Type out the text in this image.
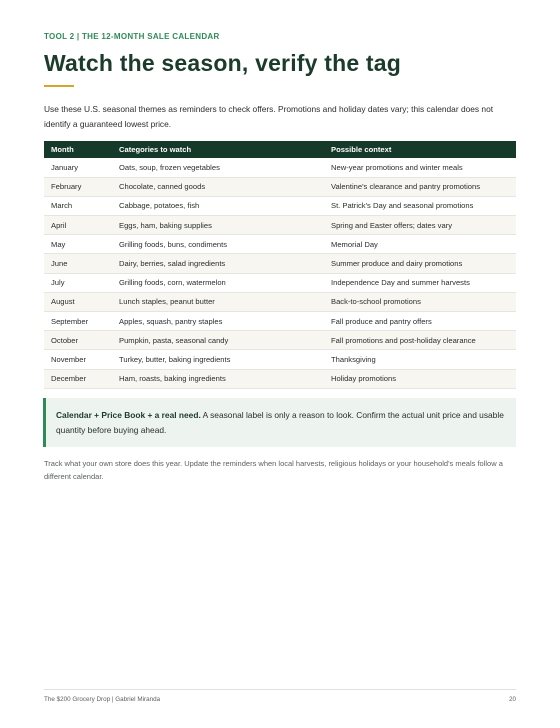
TOOL 2 | THE 12-MONTH SALE CALENDAR
Watch the season, verify the tag

Use these U.S. seasonal themes as reminders to check offers. Promotions and holiday dates vary; this calendar does not identify a guaranteed lowest price.

Month	Categories to watch	Possible context
January	Oats, soup, frozen vegetables	New-year promotions and winter meals
February	Chocolate, canned goods	Valentine's clearance and pantry promotions
March	Cabbage, potatoes, fish	St. Patrick's Day and seasonal promotions
April	Eggs, ham, baking supplies	Spring and Easter offers; dates vary
May	Grilling foods, buns, condiments	Memorial Day
June	Dairy, berries, salad ingredients	Summer produce and dairy promotions
July	Grilling foods, corn, watermelon	Independence Day and summer harvests
August	Lunch staples, peanut butter	Back-to-school promotions
September	Apples, squash, pantry staples	Fall produce and pantry offers
October	Pumpkin, pasta, seasonal candy	Fall promotions and post-holiday clearance
November	Turkey, butter, baking ingredients	Thanksgiving
December	Ham, roasts, baking ingredients	Holiday promotions
Calendar + Price Book + a real need. A seasonal label is only a reason to look. Confirm the actual unit price and usable quantity before buying ahead.

Track what your own store does this year. Update the reminders when local harvests, religious holidays or your household's meals follow a different calendar.

The $200 Grocery Drop | Gabriel Miranda	20
